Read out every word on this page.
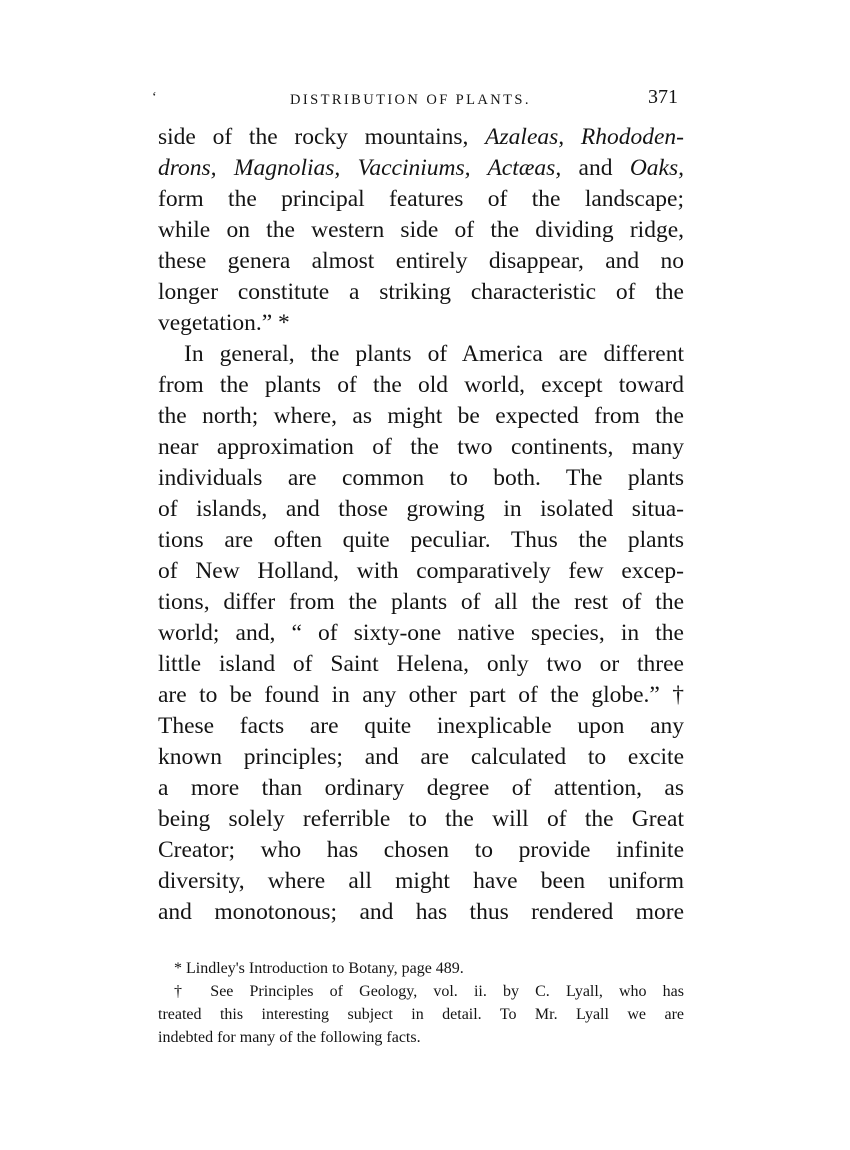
‘	DISTRIBUTION OF PLANTS.	371
side of the rocky mountains, Azaleas, Rhododen-
drons, Magnolias, Vacciniums, Actæas, and Oaks,
form the principal features of the landscape;
while on the western side of the dividing ridge,
these genera almost entirely disappear, and no
longer constitute a striking characteristic of the
vegetation.” *
In general, the plants of America are different
from the plants of the old world, except toward
the north; where, as might be expected from the
near approximation of the two continents, many
individuals are common to both. The plants
of islands, and those growing in isolated situa-
tions are often quite peculiar. Thus the plants
of New Holland, with comparatively few excep-
tions, differ from the plants of all the rest of the
world; and, “ of sixty-one native species, in the
little island of Saint Helena, only two or three
are to be found in any other part of the globe.” †
These facts are quite inexplicable upon any
known principles; and are calculated to excite
a more than ordinary degree of attention, as
being solely referrible to the will of the Great
Creator; who has chosen to provide infinite
diversity, where all might have been uniform
and monotonous; and has thus rendered more
* Lindley's Introduction to Botany, page 489.
† See Principles of Geology, vol. ii. by C. Lyall, who has
treated this interesting subject in detail. To Mr. Lyall we are
indebted for many of the following facts.
